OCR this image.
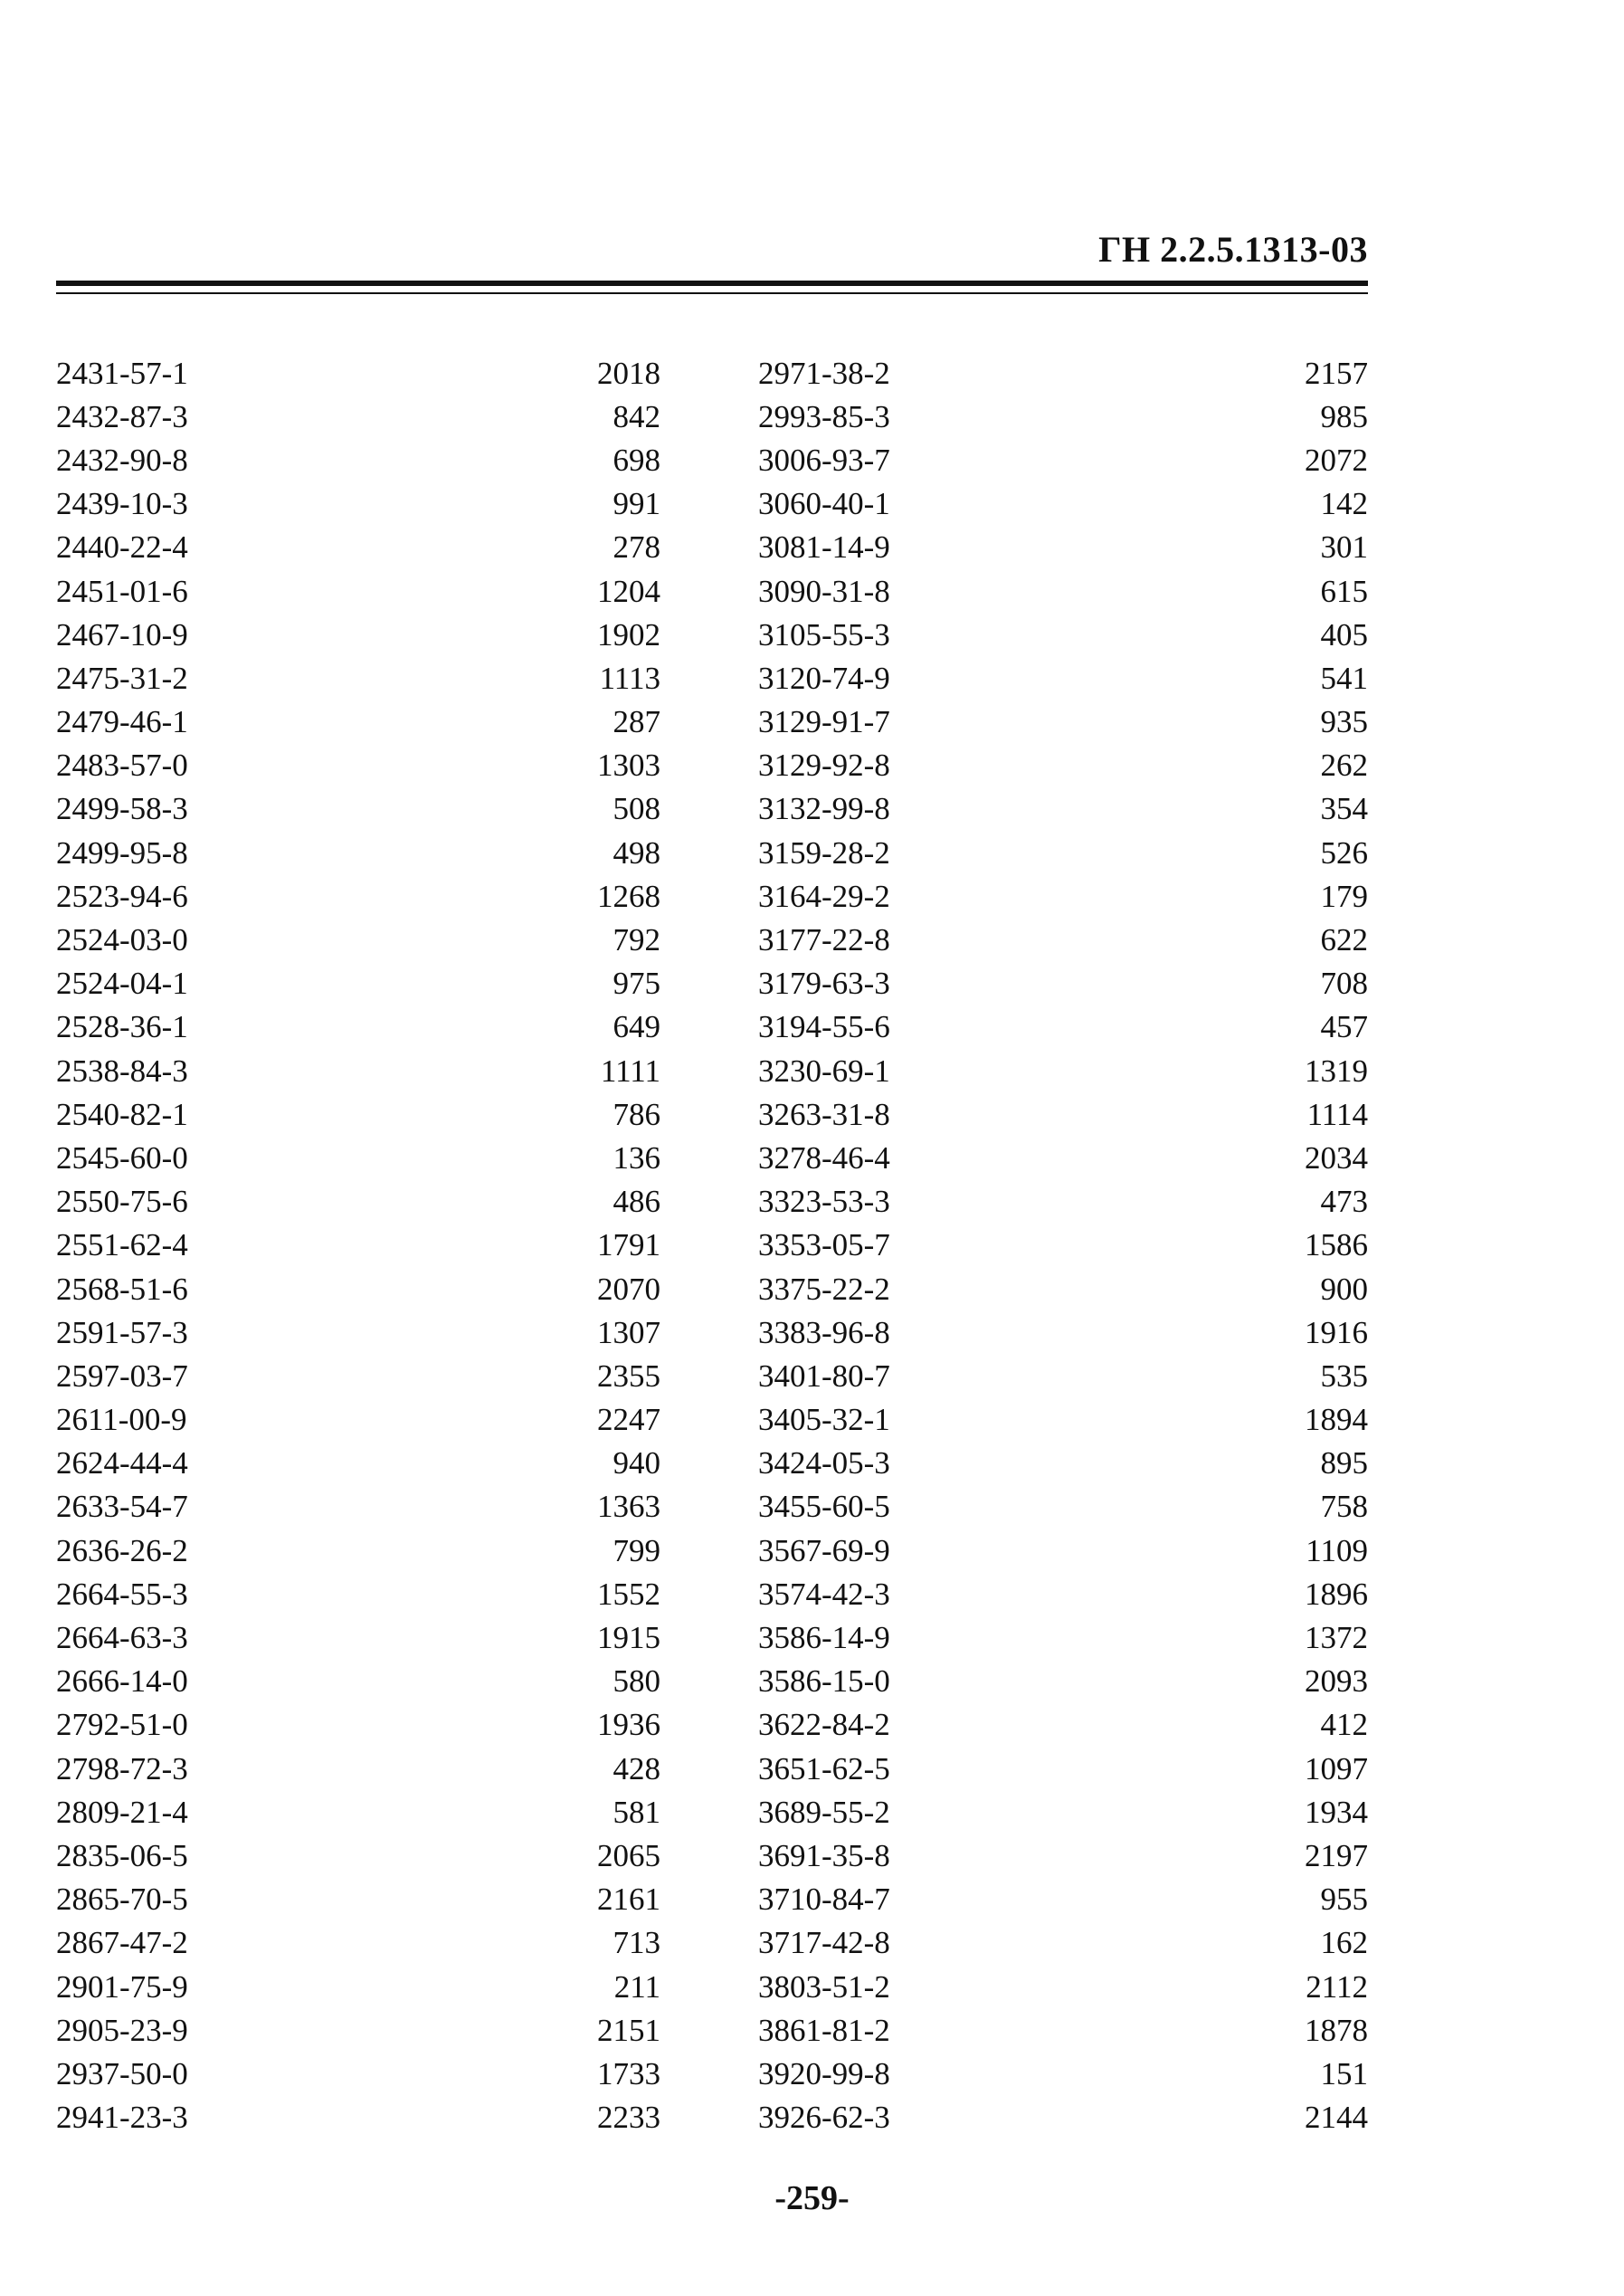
ГН 2.2.5.1313-03
2431-57-1	2018
2432-87-3	842
2432-90-8	698
2439-10-3	991
2440-22-4	278
2451-01-6	1204
2467-10-9	1902
2475-31-2	1113
2479-46-1	287
2483-57-0	1303
2499-58-3	508
2499-95-8	498
2523-94-6	1268
2524-03-0	792
2524-04-1	975
2528-36-1	649
2538-84-3	1111
2540-82-1	786
2545-60-0	136
2550-75-6	486
2551-62-4	1791
2568-51-6	2070
2591-57-3	1307
2597-03-7	2355
2611-00-9	2247
2624-44-4	940
2633-54-7	1363
2636-26-2	799
2664-55-3	1552
2664-63-3	1915
2666-14-0	580
2792-51-0	1936
2798-72-3	428
2809-21-4	581
2835-06-5	2065
2865-70-5	2161
2867-47-2	713
2901-75-9	211
2905-23-9	2151
2937-50-0	1733
2941-23-3	2233
2971-38-2	2157
2993-85-3	985
3006-93-7	2072
3060-40-1	142
3081-14-9	301
3090-31-8	615
3105-55-3	405
3120-74-9	541
3129-91-7	935
3129-92-8	262
3132-99-8	354
3159-28-2	526
3164-29-2	179
3177-22-8	622
3179-63-3	708
3194-55-6	457
3230-69-1	1319
3263-31-8	1114
3278-46-4	2034
3323-53-3	473
3353-05-7	1586
3375-22-2	900
3383-96-8	1916
3401-80-7	535
3405-32-1	1894
3424-05-3	895
3455-60-5	758
3567-69-9	1109
3574-42-3	1896
3586-14-9	1372
3586-15-0	2093
3622-84-2	412
3651-62-5	1097
3689-55-2	1934
3691-35-8	2197
3710-84-7	955
3717-42-8	162
3803-51-2	2112
3861-81-2	1878
3920-99-8	151
3926-62-3	2144
-259-
